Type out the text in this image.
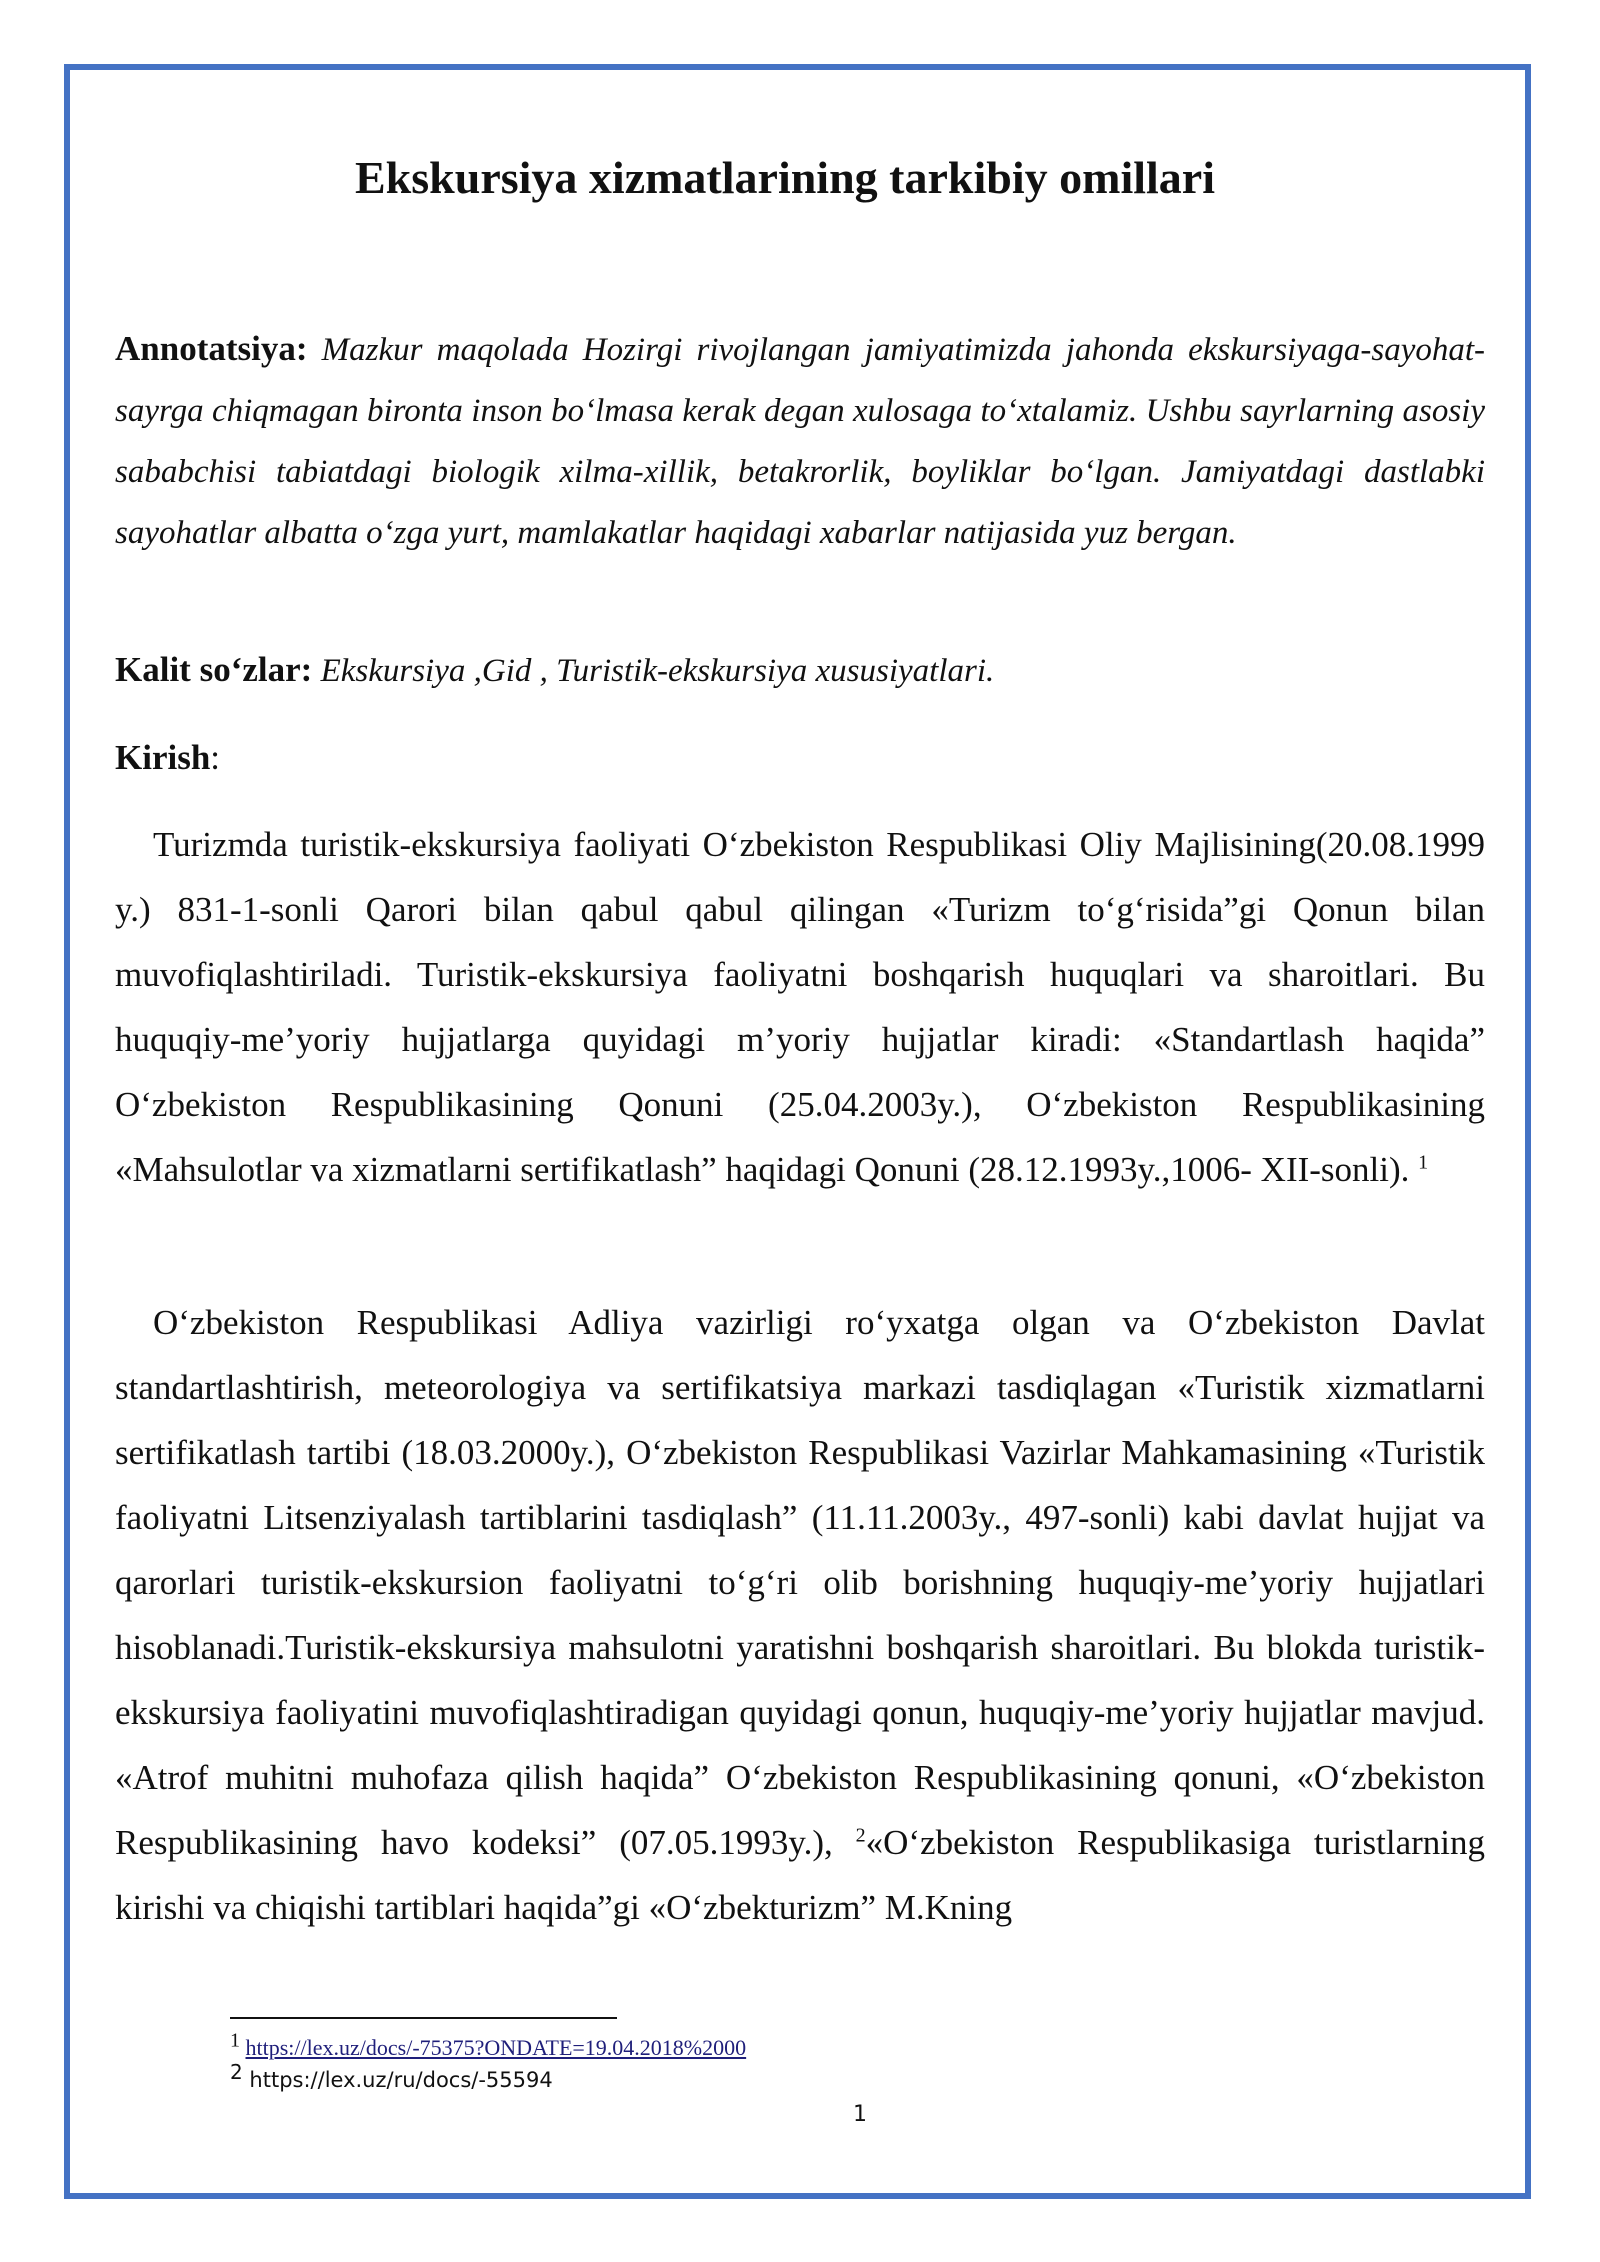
Ekskursiya xizmatlarining tarkibiy omillari

Annotatsiya: Mazkur maqolada Hozirgi rivojlangan jamiyatimizda jahonda ekskursiyaga-sayohat-sayrga chiqmagan bironta inson bo‘lmasa kerak degan xulosaga to‘xtalamiz. Ushbu sayrlarning asosiy sababchisi tabiatdagi biologik xilma-xillik, betakrorlik, boyliklar bo‘lgan. Jamiyatdagi dastlabki sayohatlar albatta o‘zga yurt, mamlakatlar haqidagi xabarlar natijasida yuz bergan.

Kalit so‘zlar: Ekskursiya ,Gid , Turistik-ekskursiya xususiyatlari.

Kirish:

Turizmda turistik-ekskursiya faoliyati O‘zbekiston Respublikasi Oliy Majlisining(20.08.1999 y.) 831-1-sonli Qarori bilan qabul qabul qilingan «Turizm to‘g‘risida”gi Qonun bilan muvofiqlashtiriladi. Turistik-ekskursiya faoliyatni boshqarish huquqlari va sharoitlari. Bu huquqiy-me’yoriy hujjatlarga quyidagi m’yoriy hujjatlar kiradi: «Standartlash haqida” O‘zbekiston Respublikasining Qonuni (25.04.2003y.), O‘zbekiston Respublikasining «Mahsulotlar va xizmatlarni sertifikatlash” haqidagi Qonuni (28.12.1993y.,1006- XII-sonli). $^1$

O‘zbekiston Respublikasi Adliya vazirligi ro‘yxatga olgan va O‘zbekiston Davlat standartlashtirish, meteorologiya va sertifikatsiya markazi tasdiqlagan «Turistik xizmatlarni sertifikatlash tartibi (18.03.2000y.), O‘zbekiston Respublikasi Vazirlar Mahkamasining «Turistik faoliyatni Litsenziyalash tartiblarini tasdiqlash” (11.11.2003y., 497-sonli) kabi davlat hujjat va qarorlari turistik-ekskursion faoliyatni to‘g‘ri olib borishning huquqiy-me’yoriy hujjatlari hisoblanadi.Turistik-ekskursiya mahsulotni yaratishni boshqarish sharoitlari. Bu blokda turistik-ekskursiya faoliyatini muvofiqlashtiradigan quyidagi qonun, huquqiy-me’yoriy hujjatlar mavjud. «Atrof muhitni muhofaza qilish haqida” O‘zbekiston Respublikasining qonuni, «O‘zbekiston Respublikasining havo kodeksi” (07.05.1993y.), $^2$«O‘zbekiston Respublikasiga turistlarning kirishi va chiqishi tartiblari haqida”gi «O‘zbekturizm” M.Kning

$^1$ https://lex.uz/docs/-75375?ONDATE=19.04.2018%2000

$^2$ https://lex.uz/ru/docs/-55594

1
